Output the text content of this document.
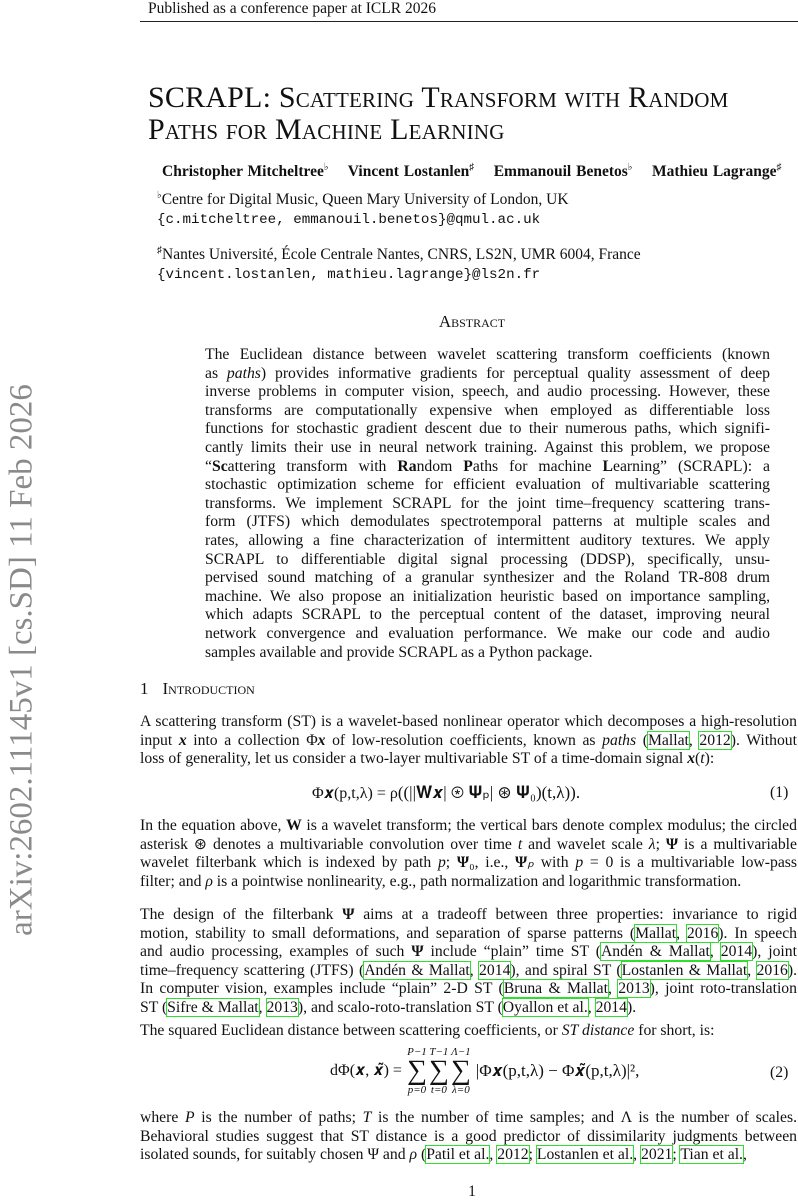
arXiv:2602.11145v1 [cs.SD] 11 Feb 2026
Published as a conference paper at ICLR 2026
SCRAPL: Scattering Transform with Random
Paths for Machine Learning
Christopher Mitcheltree♭ Vincent Lostanlen♯ Emmanouil Benetos♭ Mathieu Lagrange♯
♭Centre for Digital Music, Queen Mary University of London, UK
{c.mitcheltree, emmanouil.benetos}@qmul.ac.uk
♯Nantes Université, École Centrale Nantes, CNRS, LS2N, UMR 6004, France
{vincent.lostanlen, mathieu.lagrange}@ls2n.fr
Abstract
The Euclidean distance between wavelet scattering transform coefficients (known
as paths) provides informative gradients for perceptual quality assessment of deep
inverse problems in computer vision, speech, and audio processing. However, these
transforms are computationally expensive when employed as differentiable loss
functions for stochastic gradient descent due to their numerous paths, which signifi-
cantly limits their use in neural network training. Against this problem, we propose
“Scattering transform with Random Paths for machine Learning” (SCRAPL): a
stochastic optimization scheme for efficient evaluation of multivariable scattering
transforms. We implement SCRAPL for the joint time–frequency scattering trans-
form (JTFS) which demodulates spectrotemporal patterns at multiple scales and
rates, allowing a fine characterization of intermittent auditory textures. We apply
SCRAPL to differentiable digital signal processing (DDSP), specifically, unsu-
pervised sound matching of a granular synthesizer and the Roland TR-808 drum
machine. We also propose an initialization heuristic based on importance sampling,
which adapts SCRAPL to the perceptual content of the dataset, improving neural
network convergence and evaluation performance. We make our code and audio
samples available and provide SCRAPL as a Python package.
1 Introduction
A scattering transform (ST) is a wavelet-based nonlinear operator which decomposes a high-resolution
input x into a collection Φx of low-resolution coefficients, known as paths (Mallat, 2012). Without
loss of generality, let us consider a two-layer multivariable ST of a time-domain signal x(t):
Φ𝒙(p,t,λ) = ρ((||𝐖𝒙| ⊛ 𝚿ₚ| ⊛ 𝚿₀)(t,λ)).	(1)
In the equation above, W is a wavelet transform; the vertical bars denote complex modulus; the circled
asterisk ⊛ denotes a multivariable convolution over time t and wavelet scale λ; Ψ is a multivariable
wavelet filterbank which is indexed by path p; Ψ₀, i.e., Ψₚ with p = 0 is a multivariable low-pass
filter; and ρ is a pointwise nonlinearity, e.g., path normalization and logarithmic transformation.
The design of the filterbank Ψ aims at a tradeoff between three properties: invariance to rigid
motion, stability to small deformations, and separation of sparse patterns (Mallat, 2016). In speech
and audio processing, examples of such Ψ include “plain” time ST (Andén & Mallat, 2014), joint
time–frequency scattering (JTFS) (Andén & Mallat, 2014), and spiral ST (Lostanlen & Mallat, 2016).
In computer vision, examples include “plain” 2-D ST (Bruna & Mallat, 2013), joint roto-translation
ST (Sifre & Mallat, 2013), and scalo-roto-translation ST (Oyallon et al., 2014).
The squared Euclidean distance between scattering coefficients, or ST distance for short, is:
dΦ(𝒙, 𝒙̃) =
P−1
∑
p=0
T−1
∑
t=0
Λ−1
∑
λ=0
|Φ𝒙(p,t,λ) − Φ𝒙̃(p,t,λ)|²,	(2)
where P is the number of paths; T is the number of time samples; and Λ is the number of scales.
Behavioral studies suggest that ST distance is a good predictor of dissimilarity judgments between
isolated sounds, for suitably chosen Ψ and ρ (Patil et al., 2012; Lostanlen et al., 2021; Tian et al.,
1
